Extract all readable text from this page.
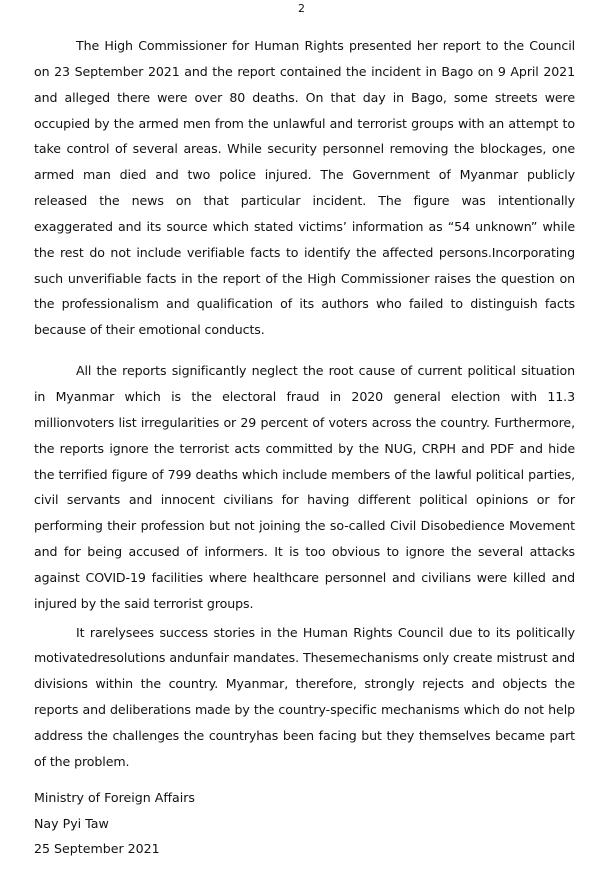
2

The High Commissioner for Human Rights presented her report to the Council on 23 September 2021 and the report contained the incident in Bago on 9 April 2021 and alleged there were over 80 deaths. On that day in Bago, some streets were occupied by the armed men from the unlawful and terrorist groups with an attempt to take control of several areas. While security personnel removing the blockages, one armed man died and two police injured. The Government of Myanmar publicly released the news on that particular incident. The figure was intentionally exaggerated and its source which stated victims’ information as “54 unknown” while the rest do not include verifiable facts to identify the affected persons.Incorporating such unverifiable facts in the report of the High Commissioner raises the question on the professionalism and qualification of its authors who failed to distinguish facts because of their emotional conducts.

All the reports significantly neglect the root cause of current political situation in Myanmar which is the electoral fraud in 2020 general election with 11.3 millionvoters list irregularities or 29 percent of voters across the country. Furthermore, the reports ignore the terrorist acts committed by the NUG, CRPH and PDF and hide the terrified figure of 799 deaths which include members of the lawful political parties, civil servants and innocent civilians for having different political opinions or for performing their profession but not joining the so-called Civil Disobedience Movement and for being accused of informers. It is too obvious to ignore the several attacks against COVID-19 facilities where healthcare personnel and civilians were killed and injured by the said terrorist groups.

It rarelysees success stories in the Human Rights Council due to its politically motivatedresolutions andunfair mandates. Thesemechanisms only create mistrust and divisions within the country. Myanmar, therefore, strongly rejects and objects the reports and deliberations made by the country-specific mechanisms which do not help address the challenges the countryhas been facing but they themselves became part of the problem.

Ministry of Foreign Affairs
Nay Pyi Taw
25 September 2021
